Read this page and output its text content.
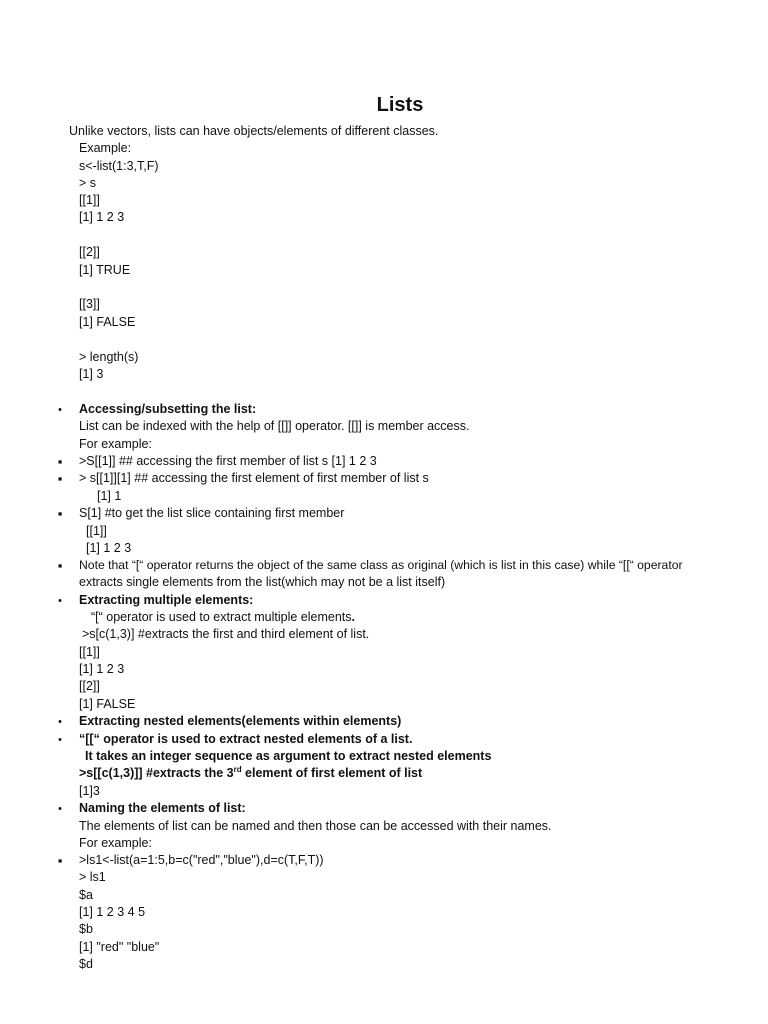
Lists
Unlike vectors, lists can have objects/elements of different classes.
Example:
s<-list(1:3,T,F)
> s
[[1]]
[1] 1 2 3
[[2]]
[1] TRUE
[[3]]
[1] FALSE
> length(s)
[1] 3
•
Accessing/subsetting the list:
List can be indexed with the help of [[]] operator. [[]] is member access.
For example:
▪
>S[[1]] ## accessing the first member of list s [1] 1 2 3
▪
> s[[1]][1] ## accessing the first element of first member of list s
[1] 1
▪
S[1] #to get the list slice containing first member
[[1]]
[1] 1 2 3
▪
Note that “[“ operator returns the object of the same class as original (which is list in this case) while “[[“ operator
extracts single elements from the list(which may not be a list itself)
•
Extracting multiple elements:
“[“ operator is used to extract multiple elements.
>s[c(1,3)] #extracts the first and third element of list.
[[1]]
[1] 1 2 3
[[2]]
[1] FALSE
•
Extracting nested elements(elements within elements)
•
“[[“ operator is used to extract nested elements of a list.
It takes an integer sequence as argument to extract nested elements
>s[[c(1,3)]] #extracts the 3rd element of first element of list
[1]3
•
Naming the elements of list:
The elements of list can be named and then those can be accessed with their names.
For example:
▪
>ls1<-list(a=1:5,b=c("red","blue"),d=c(T,F,T))
> ls1
$a
[1] 1 2 3 4 5
$b
[1] "red" "blue"
$d
